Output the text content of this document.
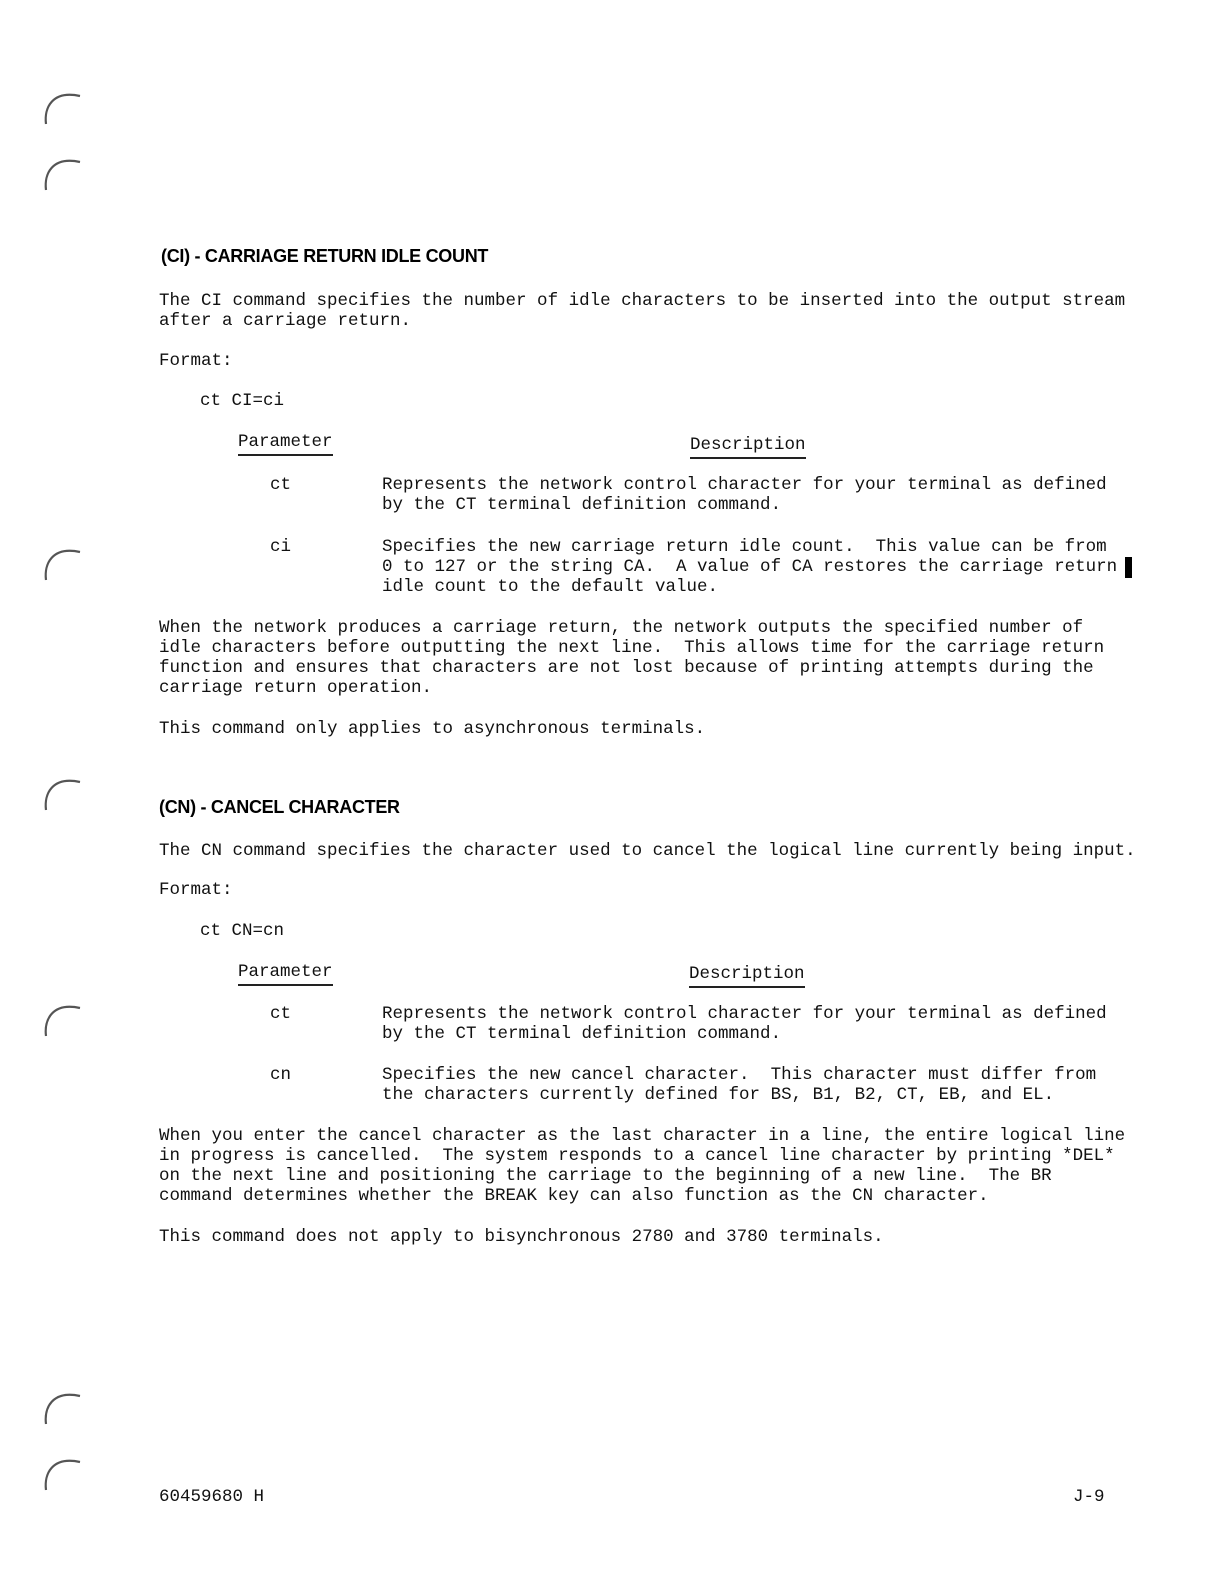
(CI) - CARRIAGE RETURN IDLE COUNT
The CI command specifies the number of idle characters to be inserted into the output stream
after a carriage return.
Format:
ct CI=ci
Parameter	Description
ct	Represents the network control character for your terminal as defined
by the CT terminal definition command.
ci	Specifies the new carriage return idle count.  This value can be from
0 to 127 or the string CA.  A value of CA restores the carriage return
idle count to the default value.
When the network produces a carriage return, the network outputs the specified number of
idle characters before outputting the next line.  This allows time for the carriage return
function and ensures that characters are not lost because of printing attempts during the
carriage return operation.
This command only applies to asynchronous terminals.
(CN) - CANCEL CHARACTER
The CN command specifies the character used to cancel the logical line currently being input.
Format:
ct CN=cn
Parameter	Description
ct	Represents the network control character for your terminal as defined
by the CT terminal definition command.
cn	Specifies the new cancel character.  This character must differ from
the characters currently defined for BS, B1, B2, CT, EB, and EL.
When you enter the cancel character as the last character in a line, the entire logical line
in progress is cancelled.  The system responds to a cancel line character by printing *DEL*
on the next line and positioning the carriage to the beginning of a new line.  The BR
command determines whether the BREAK key can also function as the CN character.
This command does not apply to bisynchronous 2780 and 3780 terminals.
60459680 H	J-9
